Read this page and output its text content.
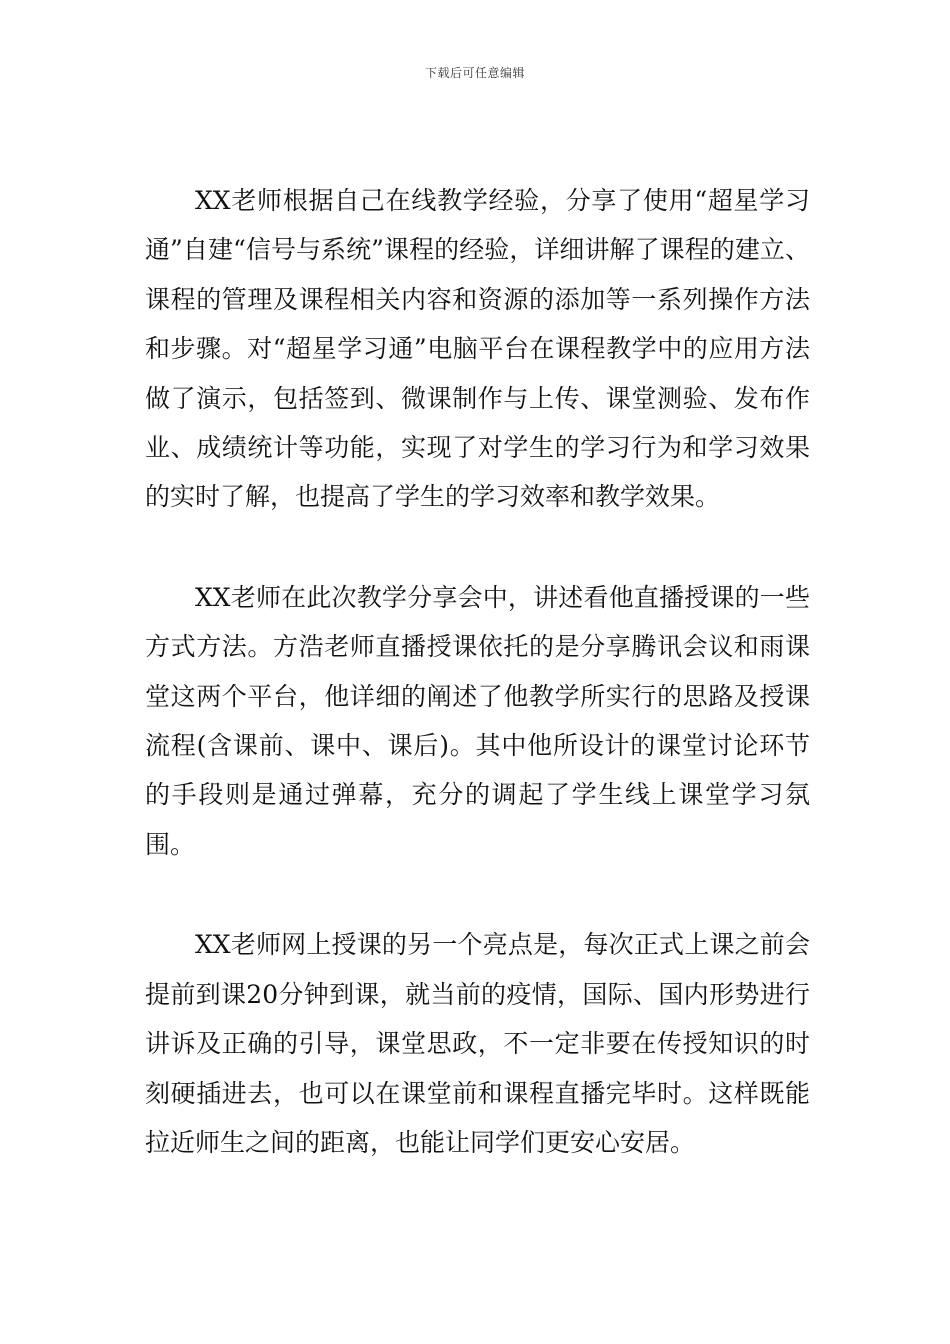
下载后可任意编辑

XX老师根据自己在线教学经验，分享了使用“超星学习通”自建“信号与系统”课程的经验，详细讲解了课程的建立、课程的管理及课程相关内容和资源的添加等一系列操作方法和步骤。对“超星学习通”电脑平台在课程教学中的应用方法做了演示，包括签到、微课制作与上传、课堂测验、发布作业、成绩统计等功能，实现了对学生的学习行为和学习效果的实时了解，也提高了学生的学习效率和教学效果。

XX老师在此次教学分享会中，讲述看他直播授课的一些方式方法。方浩老师直播授课依托的是分享腾讯会议和雨课堂这两个平台，他详细的阐述了他教学所实行的思路及授课流程(含课前、课中、课后)。其中他所设计的课堂讨论环节的手段则是通过弹幕，充分的调起了学生线上课堂学习氛围。

XX老师网上授课的另一个亮点是，每次正式上课之前会提前到课20分钟到课，就当前的疫情，国际、国内形势进行讲诉及正确的引导，课堂思政，不一定非要在传授知识的时刻硬插进去，也可以在课堂前和课程直播完毕时。这样既能拉近师生之间的距离，也能让同学们更安心安居。
